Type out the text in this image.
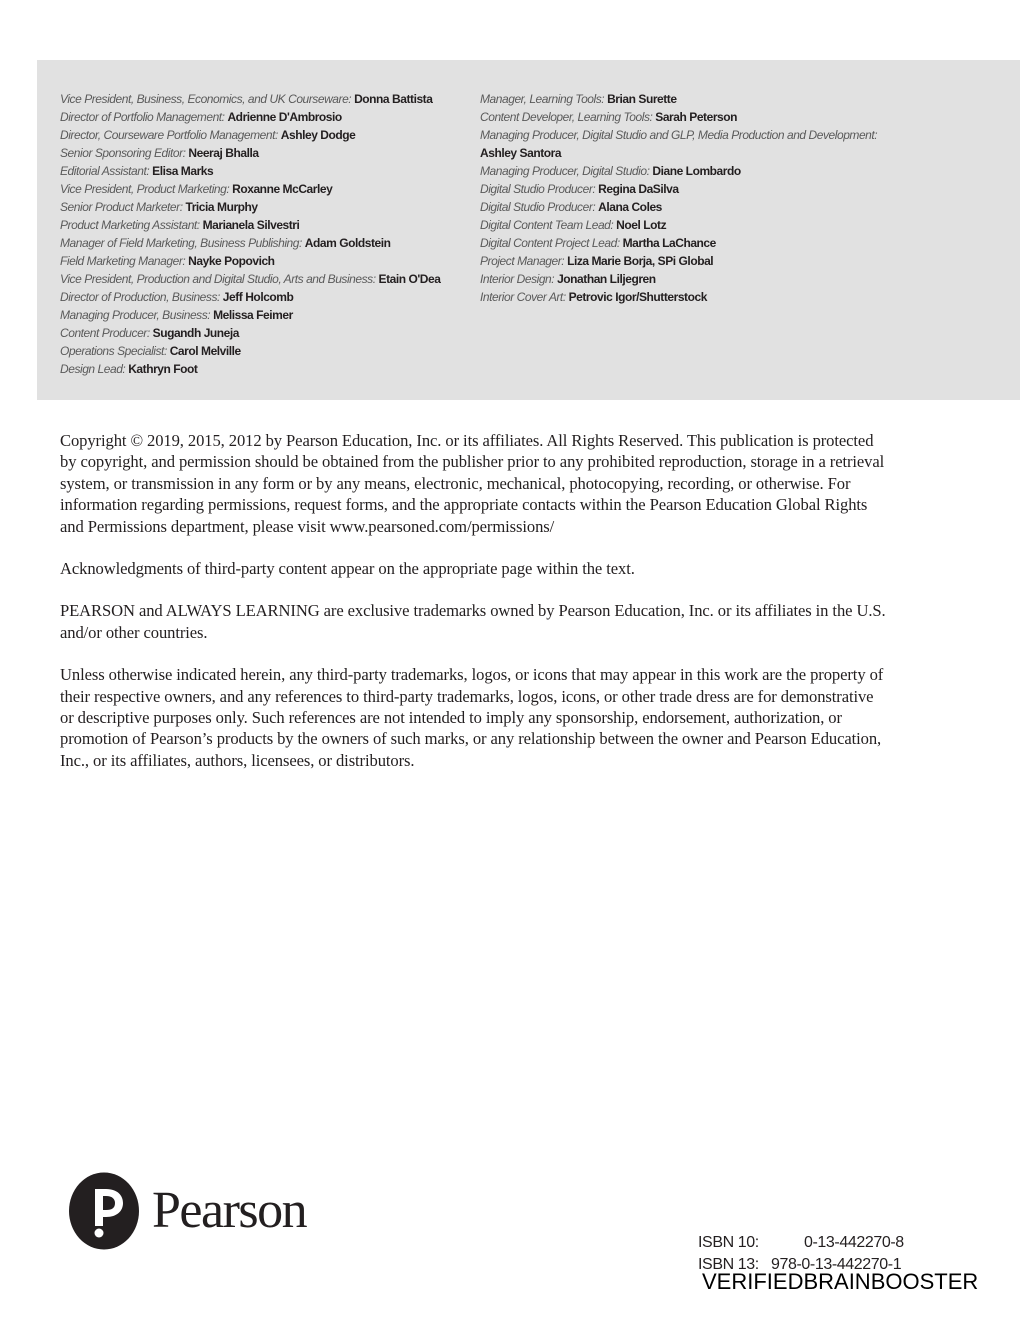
Vice President, Business, Economics, and UK Courseware: Donna Battista
Director of Portfolio Management: Adrienne D'Ambrosio
Director, Courseware Portfolio Management: Ashley Dodge
Senior Sponsoring Editor: Neeraj Bhalla
Editorial Assistant: Elisa Marks
Vice President, Product Marketing: Roxanne McCarley
Senior Product Marketer: Tricia Murphy
Product Marketing Assistant: Marianela Silvestri
Manager of Field Marketing, Business Publishing: Adam Goldstein
Field Marketing Manager: Nayke Popovich
Vice President, Production and Digital Studio, Arts and Business: Etain O'Dea
Director of Production, Business: Jeff Holcomb
Managing Producer, Business: Melissa Feimer
Content Producer: Sugandh Juneja
Operations Specialist: Carol Melville
Design Lead: Kathryn Foot
Manager, Learning Tools: Brian Surette
Content Developer, Learning Tools: Sarah Peterson
Managing Producer, Digital Studio and GLP, Media Production and Development:
Ashley Santora
Managing Producer, Digital Studio: Diane Lombardo
Digital Studio Producer: Regina DaSilva
Digital Studio Producer: Alana Coles
Digital Content Team Lead: Noel Lotz
Digital Content Project Lead: Martha LaChance
Project Manager: Liza Marie Borja, SPi Global
Interior Design: Jonathan Liljegren
Interior Cover Art: Petrovic Igor/Shutterstock

Copyright © 2019, 2015, 2012 by Pearson Education, Inc. or its affiliates. All Rights Reserved. This publication is protected by copyright, and permission should be obtained from the publisher prior to any prohibited reproduction, storage in a retrieval system, or transmission in any form or by any means, electronic, mechanical, photocopying, recording, or otherwise. For information regarding permissions, request forms, and the appropriate contacts within the Pearson Education Global Rights and Permissions department, please visit www.pearsoned.com/permissions/

Acknowledgments of third-party content appear on the appropriate page within the text.

PEARSON and ALWAYS LEARNING are exclusive trademarks owned by Pearson Education, Inc. or its affiliates in the U.S. and/or other countries.

Unless otherwise indicated herein, any third-party trademarks, logos, or icons that may appear in this work are the property of their respective owners, and any references to third-party trademarks, logos, icons, or other trade dress are for demonstrative or descriptive purposes only. Such references are not intended to imply any sponsorship, endorsement, authorization, or promotion of Pearson’s products by the owners of such marks, or any relationship between the owner and Pearson Education, Inc., or its affiliates, authors, licensees, or distributors.

Pearson
ISBN 10:	0-13-442270-8
ISBN 13: 978-0-13-442270-1
VERIFIEDBRAINBOOSTER
